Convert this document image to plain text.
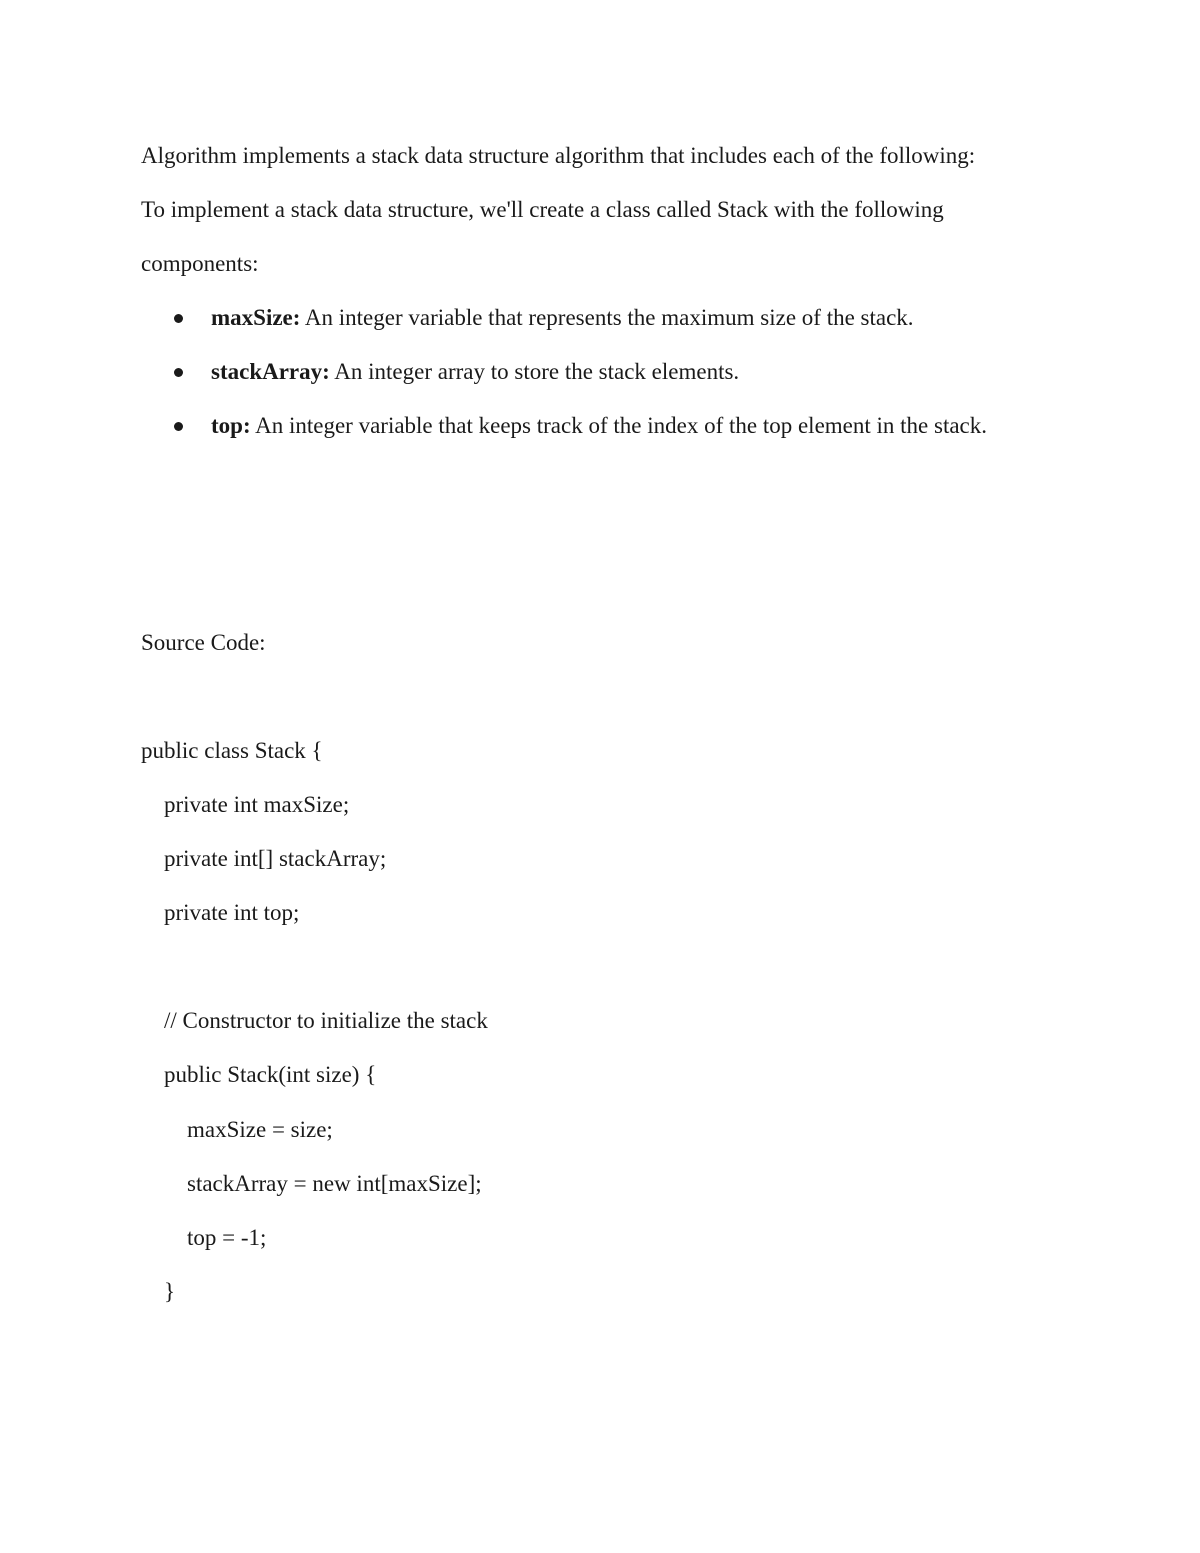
Algorithm implements a stack data structure algorithm that includes each of the following:
To implement a stack data structure, we'll create a class called Stack with the following
components:

maxSize: An integer variable that represents the maximum size of the stack.

stackArray: An integer array to store the stack elements.

top: An integer variable that keeps track of the index of the top element in the stack.

Source Code:
public class Stack {
private int maxSize;
private int[] stackArray;
private int top;
// Constructor to initialize the stack
public Stack(int size) {
maxSize = size;
stackArray = new int[maxSize];
top = -1;
}
